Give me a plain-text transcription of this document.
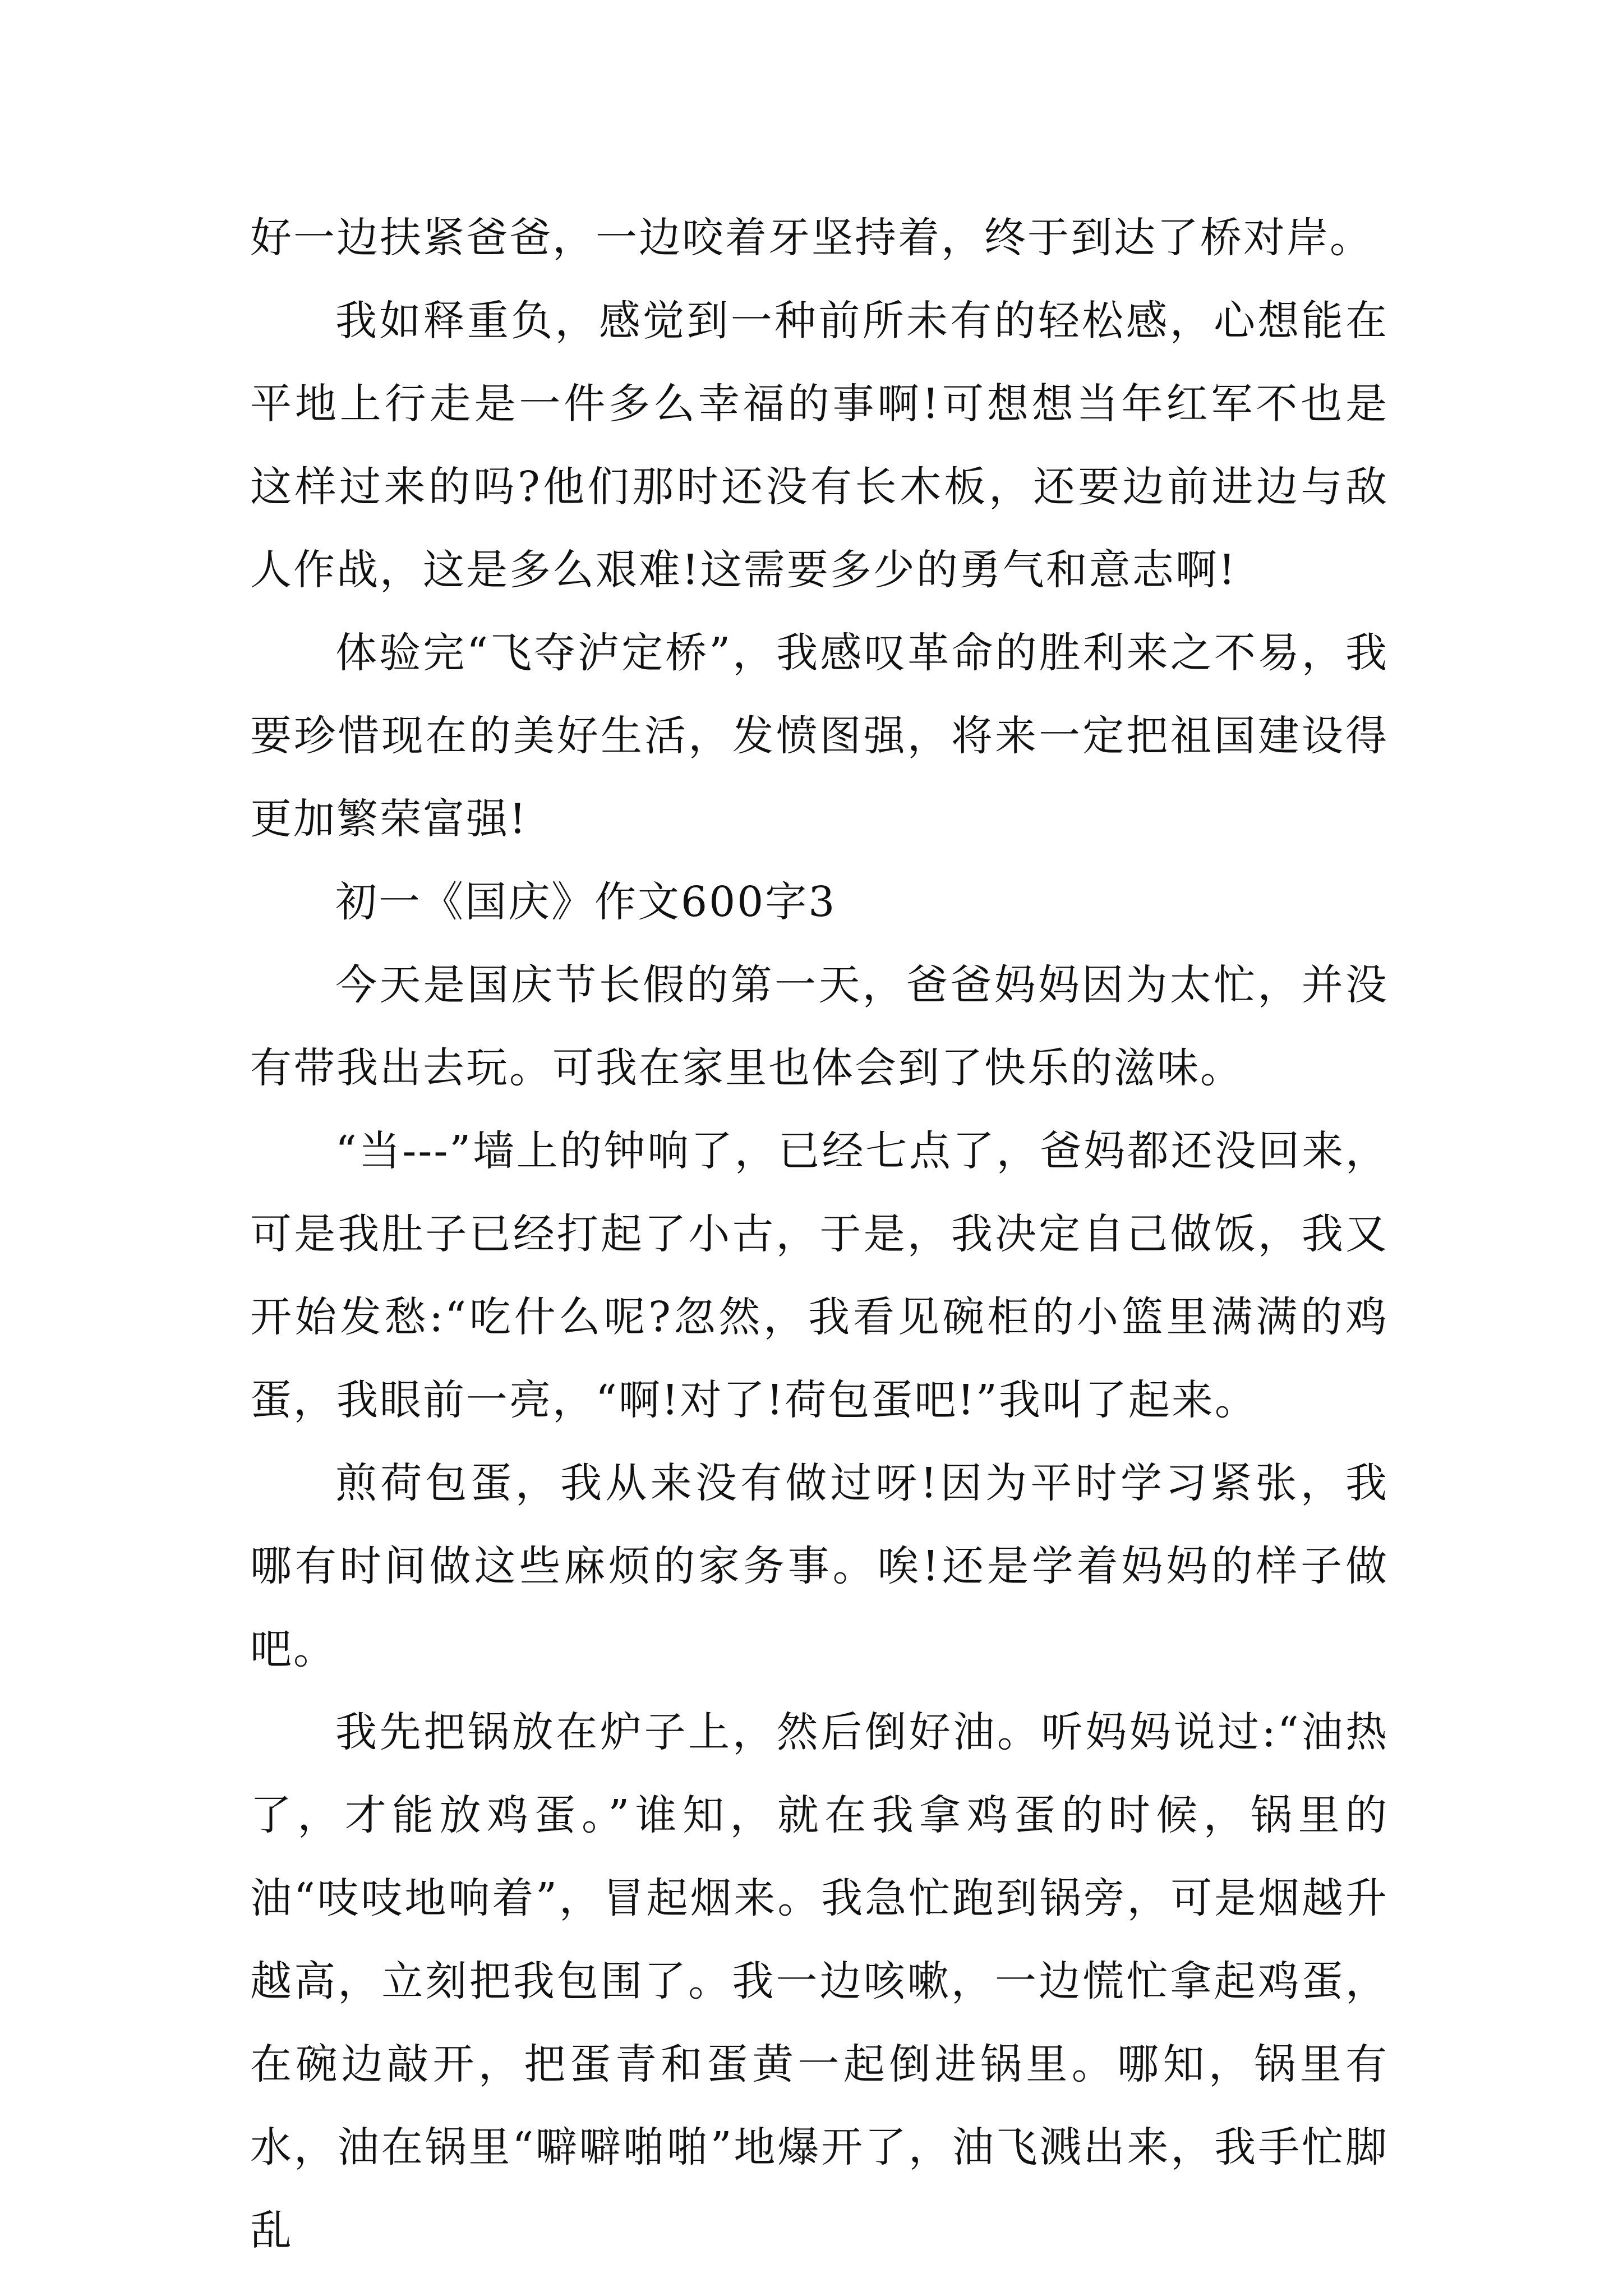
好一边扶紧爸爸，一边咬着牙坚持着，终于到达了桥对岸。

我如释重负，感觉到一种前所未有的轻松感，心想能在平地上行走是一件多么幸福的事啊!可想想当年红军不也是这样过来的吗?他们那时还没有长木板，还要边前进边与敌人作战，这是多么艰难!这需要多少的勇气和意志啊!

体验完“飞夺泸定桥”，我感叹革命的胜利来之不易，我要珍惜现在的美好生活，发愤图强，将来一定把祖国建设得更加繁荣富强!

初一《国庆》作文600字3

今天是国庆节长假的第一天，爸爸妈妈因为太忙，并没有带我出去玩。可我在家里也体会到了快乐的滋味。

“当---”墙上的钟响了，已经七点了，爸妈都还没回来，可是我肚子已经打起了小古，于是，我决定自己做饭，我又开始发愁:“吃什么呢?忽然，我看见碗柜的小篮里满满的鸡蛋，我眼前一亮，“啊!对了!荷包蛋吧!”我叫了起来。

煎荷包蛋，我从来没有做过呀!因为平时学习紧张，我哪有时间做这些麻烦的家务事。唉!还是学着妈妈的样子做吧。

我先把锅放在炉子上，然后倒好油。听妈妈说过:“油热了，才能放鸡蛋。”谁知，就在我拿鸡蛋的时候，锅里的油“吱吱地响着”，冒起烟来。我急忙跑到锅旁，可是烟越升越高，立刻把我包围了。我一边咳嗽，一边慌忙拿起鸡蛋，在碗边敲开，把蛋青和蛋黄一起倒进锅里。哪知，锅里有水，油在锅里“噼噼啪啪”地爆开了，油飞溅出来，我手忙脚乱
